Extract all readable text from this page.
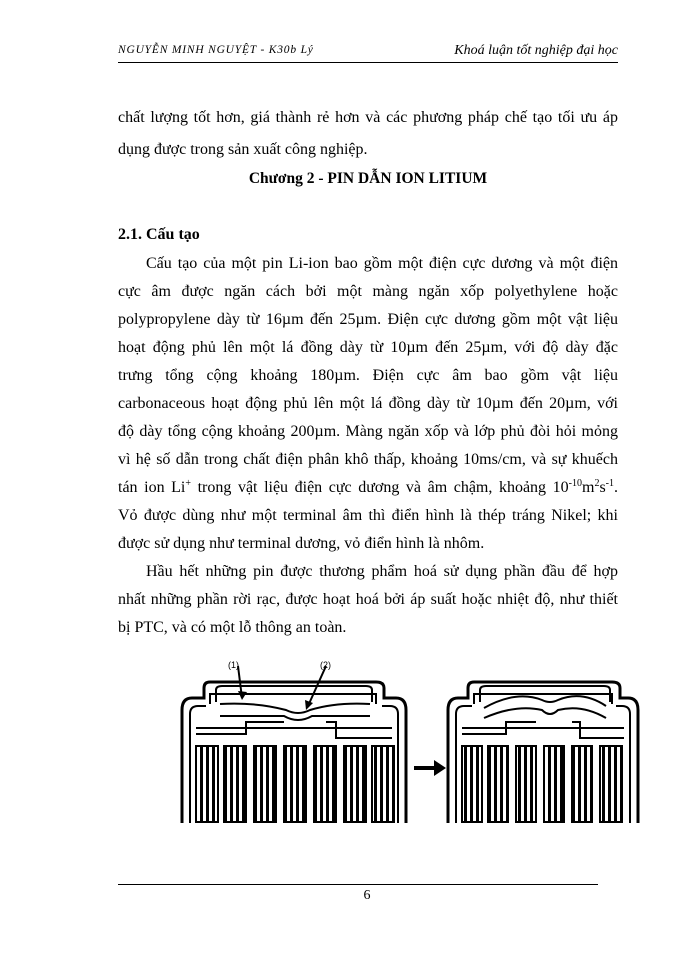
NGUYỄN MINH NGUYỆT - K30b Lý	Khoá luận tốt nghiệp đại học
chất lượng tốt hơn, giá thành rẻ hơn và các phương pháp chế tạo tối ưu áp
dụng được trong sản xuất công nghiệp.
Chương 2 - PIN DẪN ION LITIUM
2.1. Cấu tạo
Cấu tạo của một pin Li-ion bao gồm một điện cực dương và một điện
cực âm được ngăn cách bởi một màng ngăn xốp polyethylene hoặc
polypropylene dày từ 16µm đến 25µm. Điện cực dương gồm một vật liệu
hoạt động phủ lên một lá đồng dày từ 10µm đến 25µm, với độ dày đặc
trưng tổng cộng khoảng 180µm. Điện cực âm bao gồm vật liệu
carbonaceous hoạt động phủ lên một lá đồng dày từ 10µm đến 20µm, với
độ dày tổng cộng khoảng 200µm. Màng ngăn xốp và lớp phủ đòi hỏi mỏng
vì hệ số dẫn trong chất điện phân khô thấp, khoảng 10ms/cm, và sự khuếch
tán ion Li+ trong vật liệu điện cực dương và âm chậm, khoảng $10^{-10}m^2s^{-1}$.
Vỏ được dùng như một terminal âm thì điển hình là thép tráng Nikel; khi
được sử dụng như terminal dương, vỏ điển hình là nhôm.
Hầu hết những pin được thương phẩm hoá sử dụng phần đầu để hợp
nhất những phần rời rạc, được hoạt hoá bởi áp suất hoặc nhiệt độ, như thiết
bị PTC, và có một lỗ thông an toàn.
(1)	(2)
6
